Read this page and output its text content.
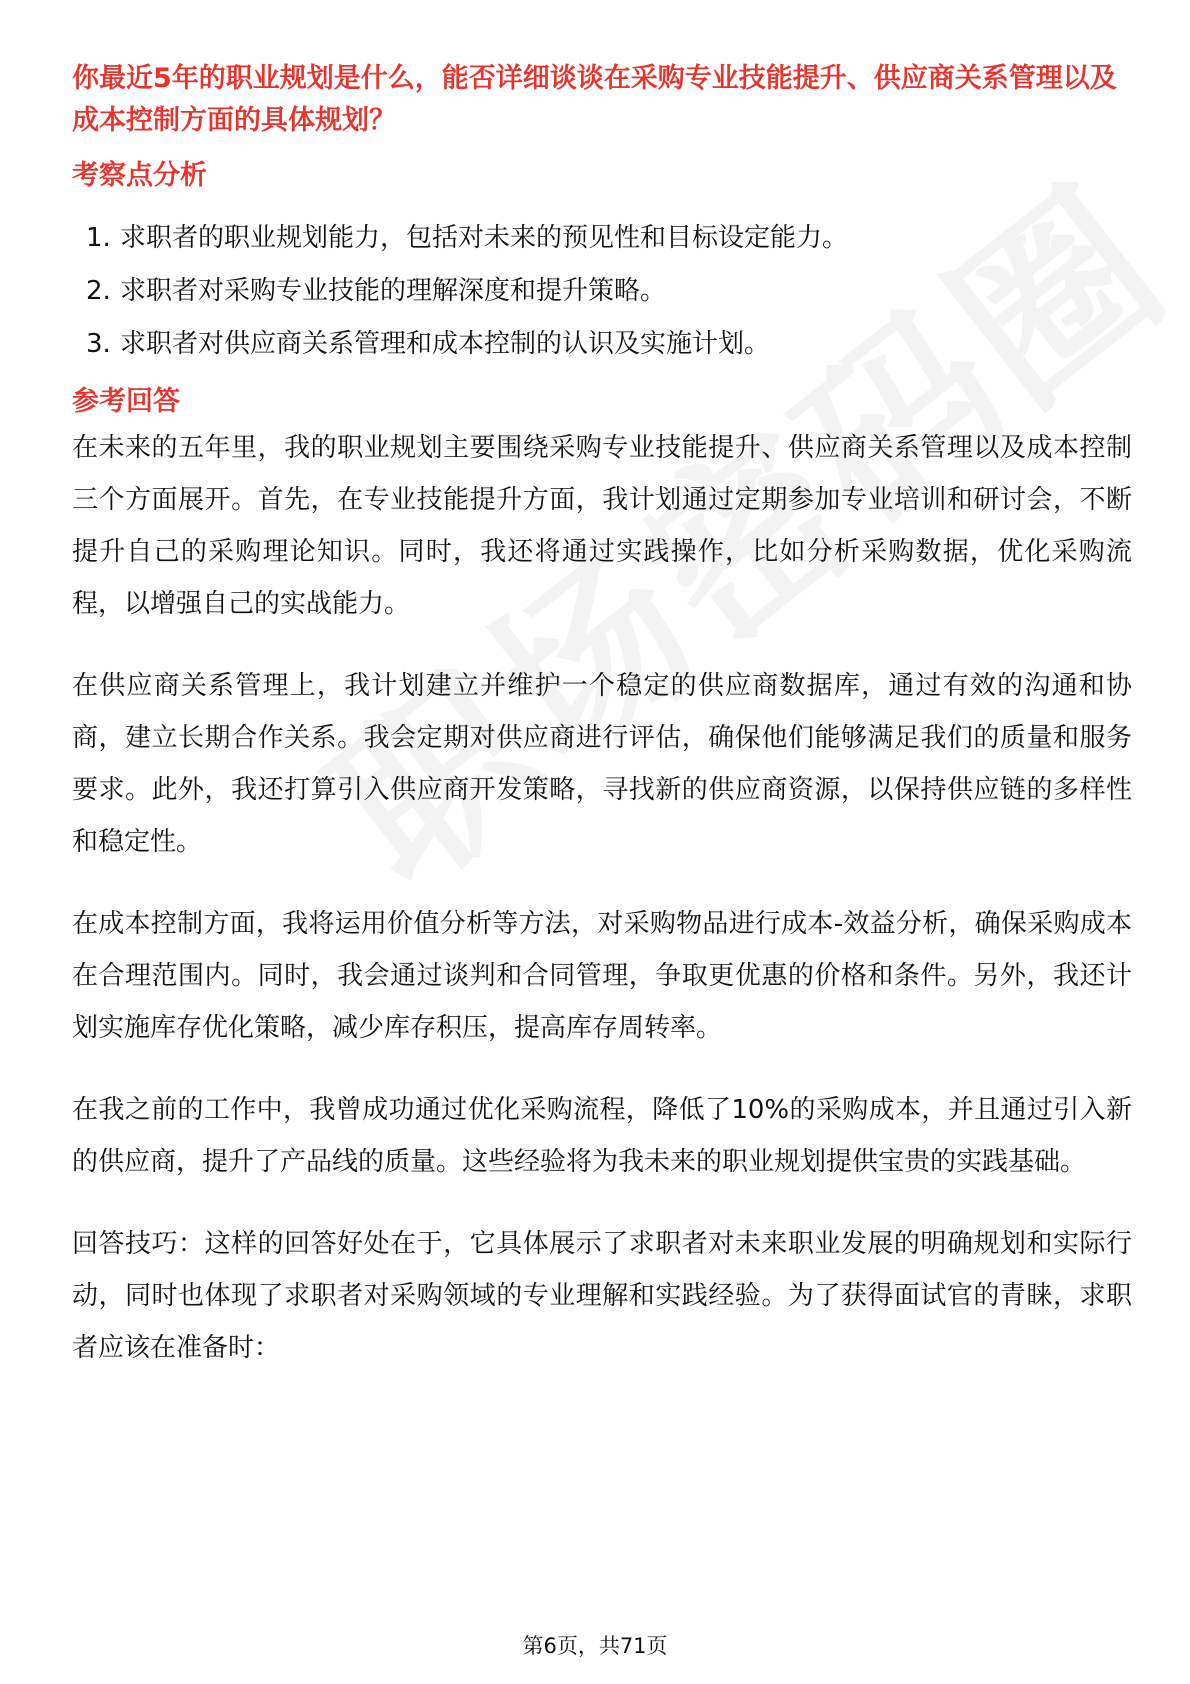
你最近5年的职业规划是什么，能否详细谈谈在采购专业技能提升、供应商关系管理以及成本控制方面的具体规划？
考察点分析
1. 求职者的职业规划能力，包括对未来的预见性和目标设定能力。
2. 求职者对采购专业技能的理解深度和提升策略。
3. 求职者对供应商关系管理和成本控制的认识及实施计划。
参考回答

在未来的五年里，我的职业规划主要围绕采购专业技能提升、供应商关系管理以及成本控制三个方面展开。首先，在专业技能提升方面，我计划通过定期参加专业培训和研讨会，不断提升自己的采购理论知识。同时，我还将通过实践操作，比如分析采购数据，优化采购流程，以增强自己的实战能力。

在供应商关系管理上，我计划建立并维护一个稳定的供应商数据库，通过有效的沟通和协商，建立长期合作关系。我会定期对供应商进行评估，确保他们能够满足我们的质量和服务要求。此外，我还打算引入供应商开发策略，寻找新的供应商资源，以保持供应链的多样性和稳定性。

在成本控制方面，我将运用价值分析等方法，对采购物品进行成本-效益分析，确保采购成本在合理范围内。同时，我会通过谈判和合同管理，争取更优惠的价格和条件。另外，我还计划实施库存优化策略，减少库存积压，提高库存周转率。

在我之前的工作中，我曾成功通过优化采购流程，降低了10%的采购成本，并且通过引入新的供应商，提升了产品线的质量。这些经验将为我未来的职业规划提供宝贵的实践基础。

回答技巧：这样的回答好处在于，它具体展示了求职者对未来职业发展的明确规划和实际行动，同时也体现了求职者对采购领域的专业理解和实践经验。为了获得面试官的青睐，求职者应该在准备时：

第6页，共71页
